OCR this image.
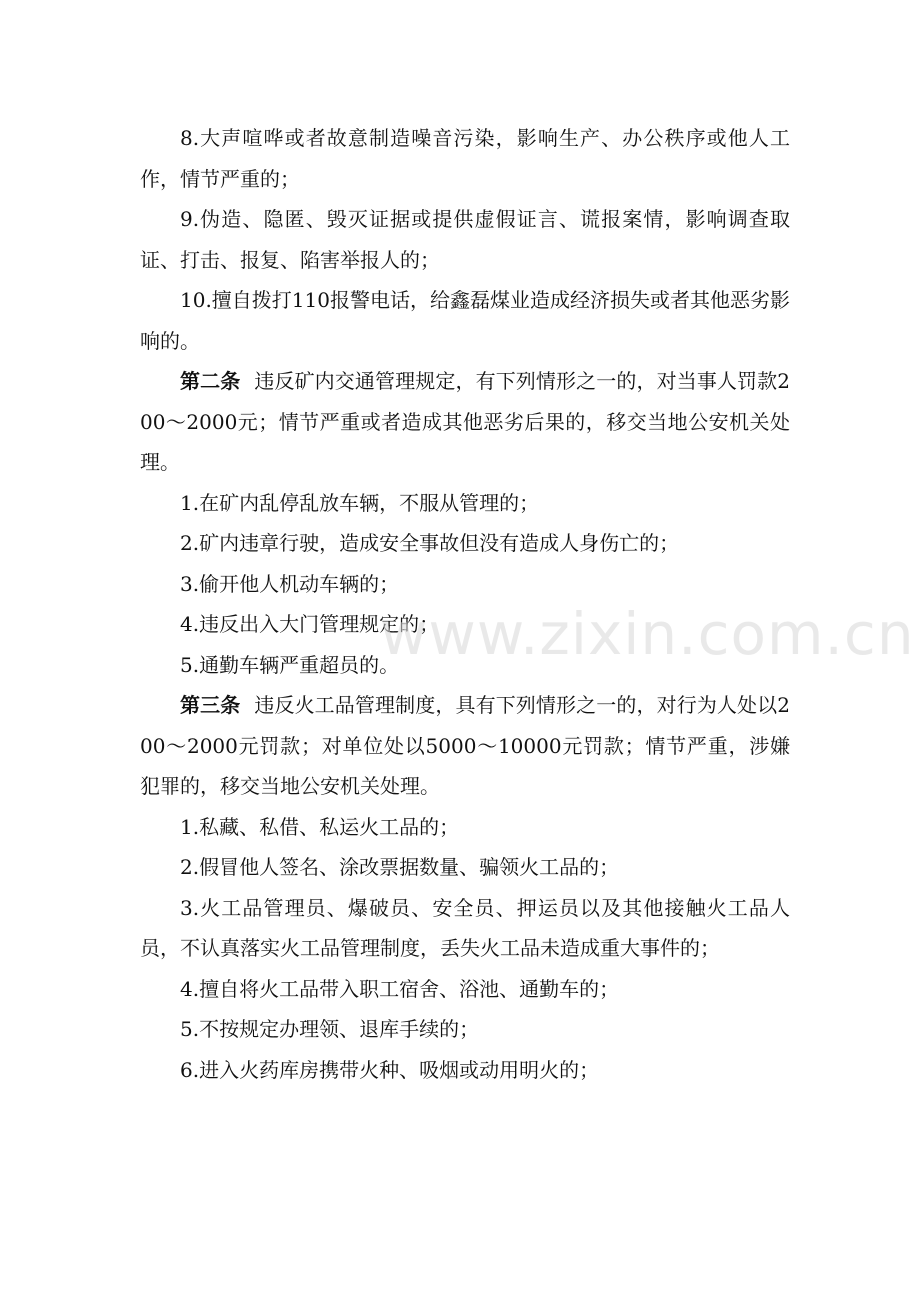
8.大声喧哗或者故意制造噪音污染，影响生产、办公秩序或他人工作，情节严重的；

9.伪造、隐匿、毁灭证据或提供虚假证言、谎报案情，影响调查取证、打击、报复、陷害举报人的；

10.擅自拨打110报警电话，给鑫磊煤业造成经济损失或者其他恶劣影响的。

第二条 违反矿内交通管理规定，有下列情形之一的，对当事人罚款200～2000元；情节严重或者造成其他恶劣后果的，移交当地公安机关处理。

1.在矿内乱停乱放车辆，不服从管理的；

2.矿内违章行驶，造成安全事故但没有造成人身伤亡的；

3.偷开他人机动车辆的；

4.违反出入大门管理规定的；

5.通勤车辆严重超员的。

第三条 违反火工品管理制度，具有下列情形之一的，对行为人处以200～2000元罚款；对单位处以5000～10000元罚款；情节严重，涉嫌犯罪的，移交当地公安机关处理。

1.私藏、私借、私运火工品的；

2.假冒他人签名、涂改票据数量、骗领火工品的；

3.火工品管理员、爆破员、安全员、押运员以及其他接触火工品人员，不认真落实火工品管理制度，丢失火工品未造成重大事件的；

4.擅自将火工品带入职工宿舍、浴池、通勤车的；

5.不按规定办理领、退库手续的；

6.进入火药库房携带火种、吸烟或动用明火的；

www.zixin.com.cn
